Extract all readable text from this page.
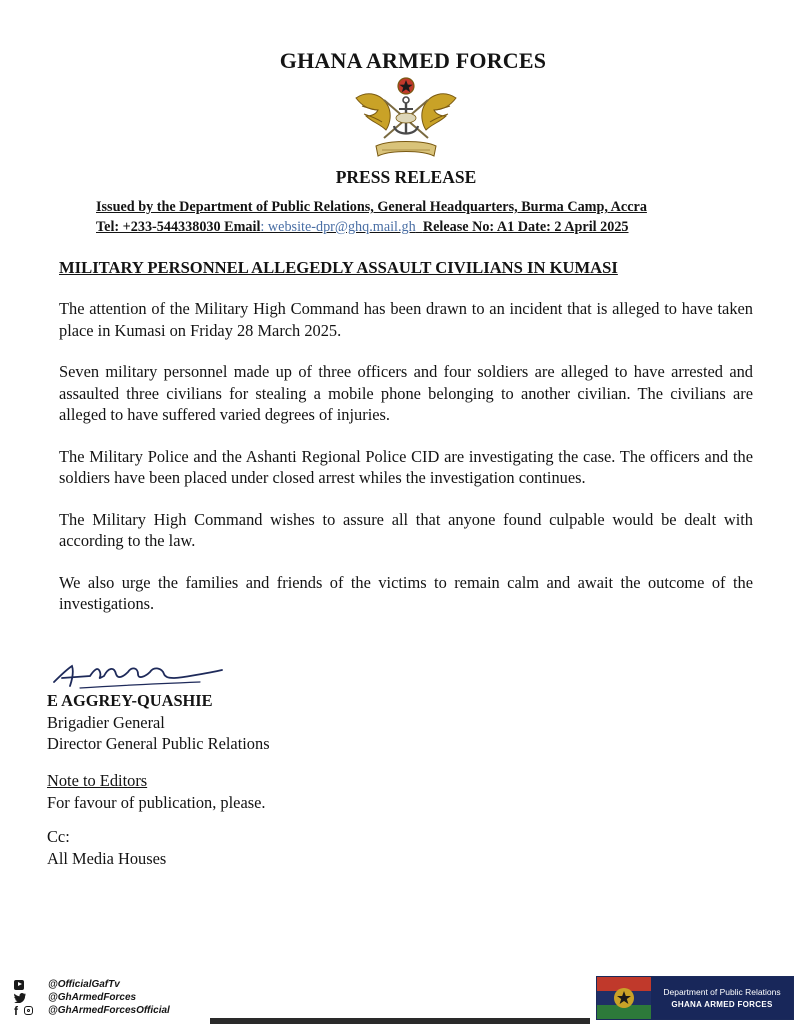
GHANA ARMED FORCES
PRESS RELEASE
Issued by the Department of Public Relations, General Headquarters, Burma Camp, Accra
Tel: +233-544338030 Email: website-dpr@ghq.mail.gh Release No: A1 Date: 2 April 2025
MILITARY PERSONNEL ALLEGEDLY ASSAULT CIVILIANS IN KUMASI

The attention of the Military High Command has been drawn to an incident that is alleged to have taken place in Kumasi on Friday 28 March 2025.

Seven military personnel made up of three officers and four soldiers are alleged to have arrested and assaulted three civilians for stealing a mobile phone belonging to another civilian. The civilians are alleged to have suffered varied degrees of injuries.

The Military Police and the Ashanti Regional Police CID are investigating the case. The officers and the soldiers have been placed under closed arrest whiles the investigation continues.

The Military High Command wishes to assure all that anyone found culpable would be dealt with according to the law.

We also urge the families and friends of the victims to remain calm and await the outcome of the investigations.

E AGGREY-QUASHIE
Brigadier General
Director General Public Relations
Note to Editors
For favour of publication, please.
Cc:
All Media Houses
@OfficialGafTv
@GhArmedForces
f	@GhArmedForcesOfficial
Department of Public Relations
GHANA ARMED FORCES
